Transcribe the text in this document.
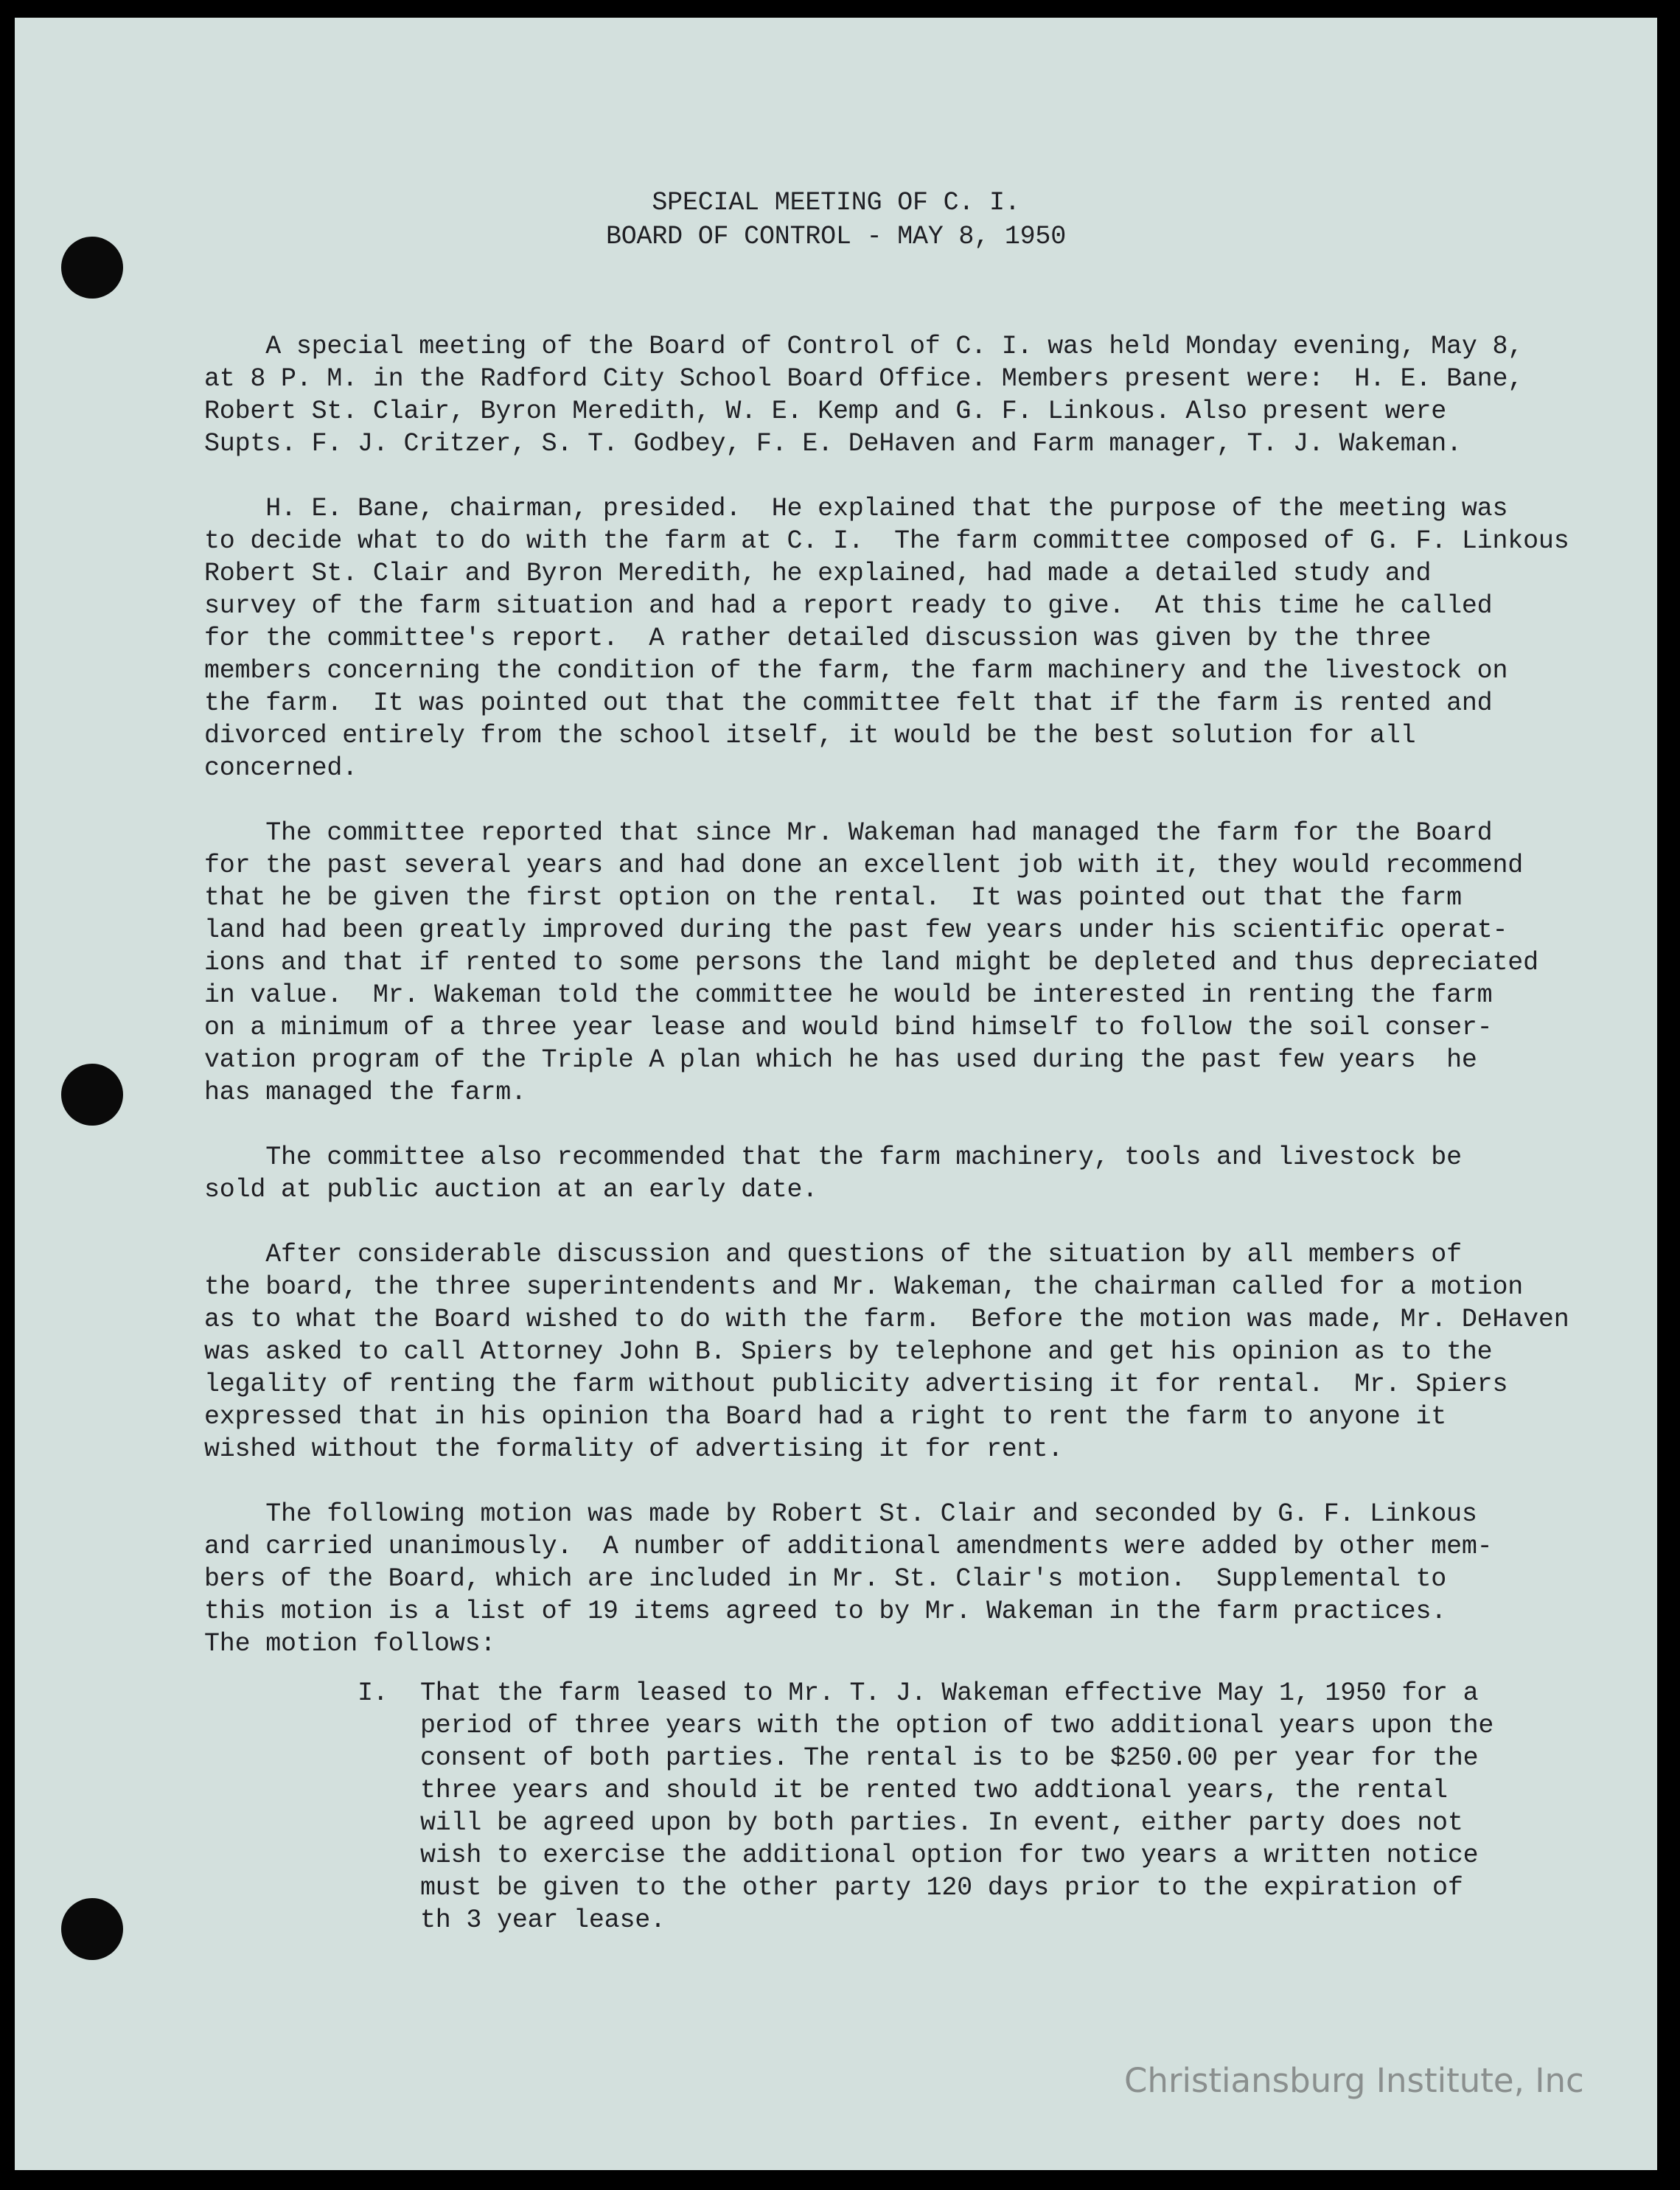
SPECIAL MEETING OF C. I.
BOARD OF CONTROL - MAY 8, 1950
A special meeting of the Board of Control of C. I. was held Monday evening, May 8,
at 8 P. M. in the Radford City School Board Office. Members present were:  H. E. Bane,
Robert St. Clair, Byron Meredith, W. E. Kemp and G. F. Linkous. Also present were
Supts. F. J. Critzer, S. T. Godbey, F. E. DeHaven and Farm manager, T. J. Wakeman.
H. E. Bane, chairman, presided.  He explained that the purpose of the meeting was
to decide what to do with the farm at C. I.  The farm committee composed of G. F. Linkous
Robert St. Clair and Byron Meredith, he explained, had made a detailed study and
survey of the farm situation and had a report ready to give.  At this time he called
for the committee's report.  A rather detailed discussion was given by the three
members concerning the condition of the farm, the farm machinery and the livestock on
the farm.  It was pointed out that the committee felt that if the farm is rented and
divorced entirely from the school itself, it would be the best solution for all
concerned.
The committee reported that since Mr. Wakeman had managed the farm for the Board
for the past several years and had done an excellent job with it, they would recommend
that he be given the first option on the rental.  It was pointed out that the farm
land had been greatly improved during the past few years under his scientific operat-
ions and that if rented to some persons the land might be depleted and thus depreciated
in value.  Mr. Wakeman told the committee he would be interested in renting the farm
on a minimum of a three year lease and would bind himself to follow the soil conser-
vation program of the Triple A plan which he has used during the past few years  he
has managed the farm.
The committee also recommended that the farm machinery, tools and livestock be
sold at public auction at an early date.
After considerable discussion and questions of the situation by all members of
the board, the three superintendents and Mr. Wakeman, the chairman called for a motion
as to what the Board wished to do with the farm.  Before the motion was made, Mr. DeHaven
was asked to call Attorney John B. Spiers by telephone and get his opinion as to the
legality of renting the farm without publicity advertising it for rental.  Mr. Spiers
expressed that in his opinion tha Board had a right to rent the farm to anyone it
wished without the formality of advertising it for rent.
The following motion was made by Robert St. Clair and seconded by G. F. Linkous
and carried unanimously.  A number of additional amendments were added by other mem-
bers of the Board, which are included in Mr. St. Clair's motion.  Supplemental to
this motion is a list of 19 items agreed to by Mr. Wakeman in the farm practices.
The motion follows:
I. That the farm leased to Mr. T. J. Wakeman effective May 1, 1950 for a
period of three years with the option of two additional years upon the
consent of both parties. The rental is to be $250.00 per year for the
three years and should it be rented two addtional years, the rental
will be agreed upon by both parties. In event, either party does not
wish to exercise the additional option for two years a written notice
must be given to the other party 120 days prior to the expiration of
th 3 year lease.
Christiansburg Institute, Inc
